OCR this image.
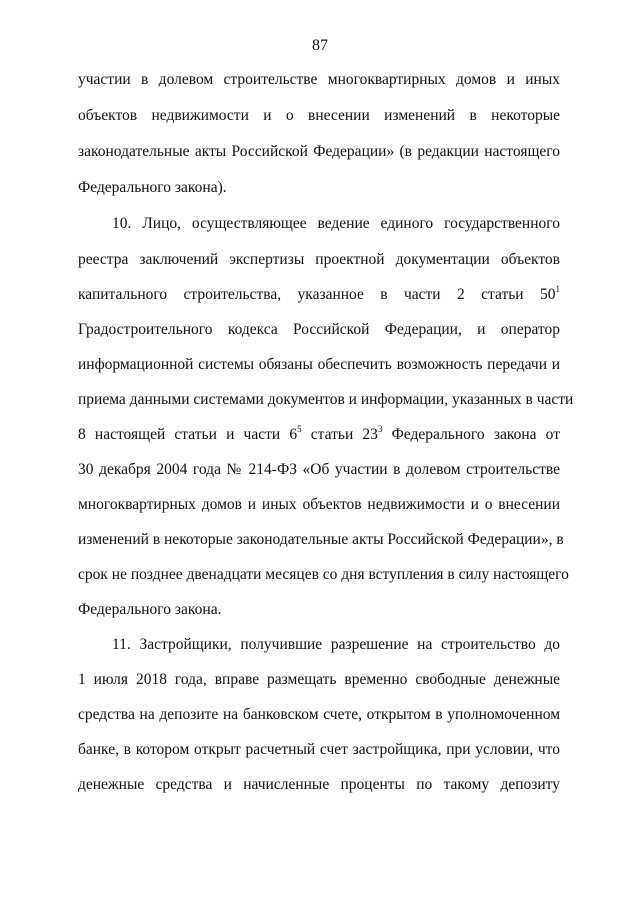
87
участии в долевом строительстве многоквартирных домов и иных
объектов недвижимости и о внесении изменений в некоторые
законодательные акты Российской Федерации» (в редакции настоящего
Федерального закона).
10. Лицо, осуществляющее ведение единого государственного
реестра заключений экспертизы проектной документации объектов
капитального строительства, указанное в части 2 статьи $50^1$
Градостроительного кодекса Российской Федерации, и оператор
информационной системы обязаны обеспечить возможность передачи и
приема данными системами документов и информации, указанных в части
8 настоящей статьи и части $6^5$ статьи $23^3$ Федерального закона от
30 декабря 2004 года № 214-ФЗ «Об участии в долевом строительстве
многоквартирных домов и иных объектов недвижимости и о внесении
изменений в некоторые законодательные акты Российской Федерации», в
срок не позднее двенадцати месяцев со дня вступления в силу настоящего
Федерального закона.
11. Застройщики, получившие разрешение на строительство до
1 июля 2018 года, вправе размещать временно свободные денежные
средства на депозите на банковском счете, открытом в уполномоченном
банке, в котором открыт расчетный счет застройщика, при условии, что
денежные средства и начисленные проценты по такому депозиту
